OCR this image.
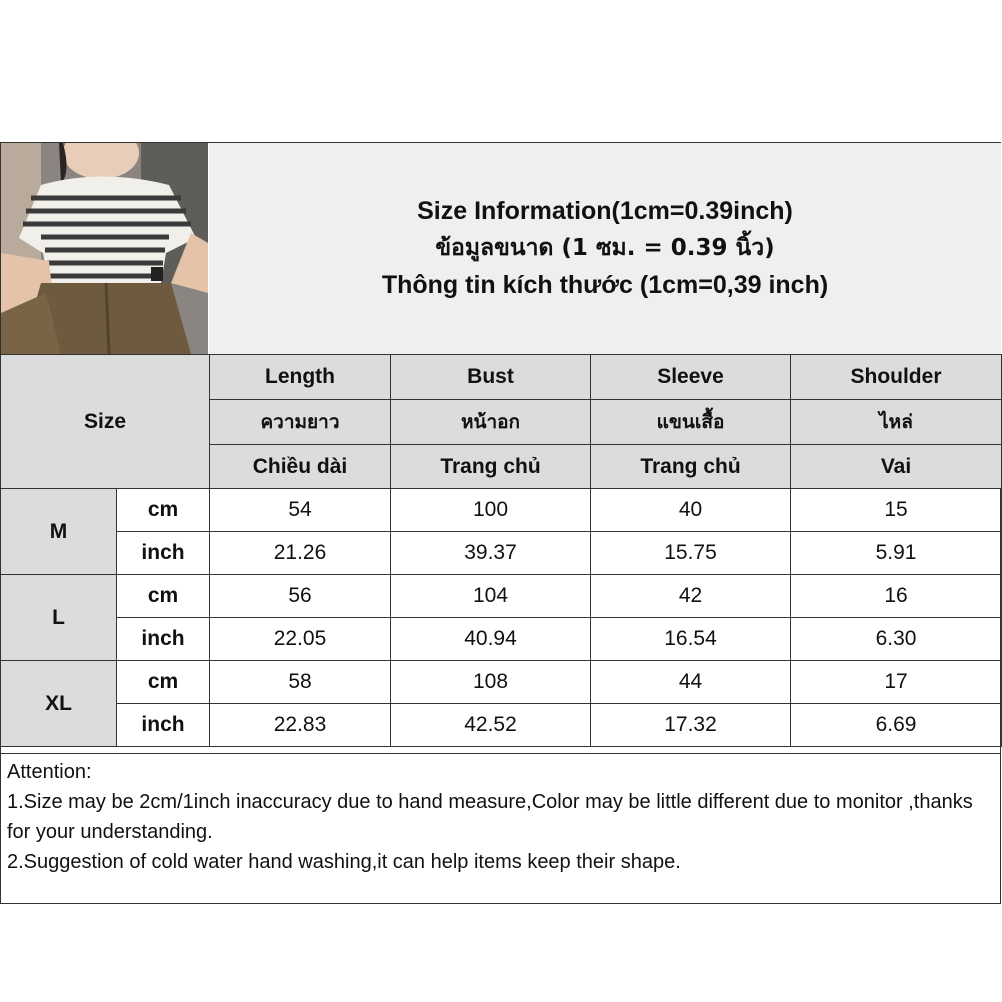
Size Information(1cm=0.39inch)
ข้อมูลขนาด (1 ซม. = 0.39 นิ้ว)
Thông tin kích thước (1cm=0,39 inch)
Size		Length	Bust	Sleeve	Shoulder
		ความยาว	หน้าอก	แขนเสื้อ	ไหล่
		Chiều dài	Trang chủ	Trang chủ	Vai
M	cm	54	100	40	15
	inch	21.26	39.37	15.75	5.91
L	cm	56	104	42	16
	inch	22.05	40.94	16.54	6.30
XL	cm	58	108	44	17
	inch	22.83	42.52	17.32	6.69
Attention:
1.Size may be 2cm/1inch inaccuracy due to hand measure,Color may be little different due to monitor ,thanks for your understanding.
2.Suggestion of cold water hand washing,it can help items keep their shape.
